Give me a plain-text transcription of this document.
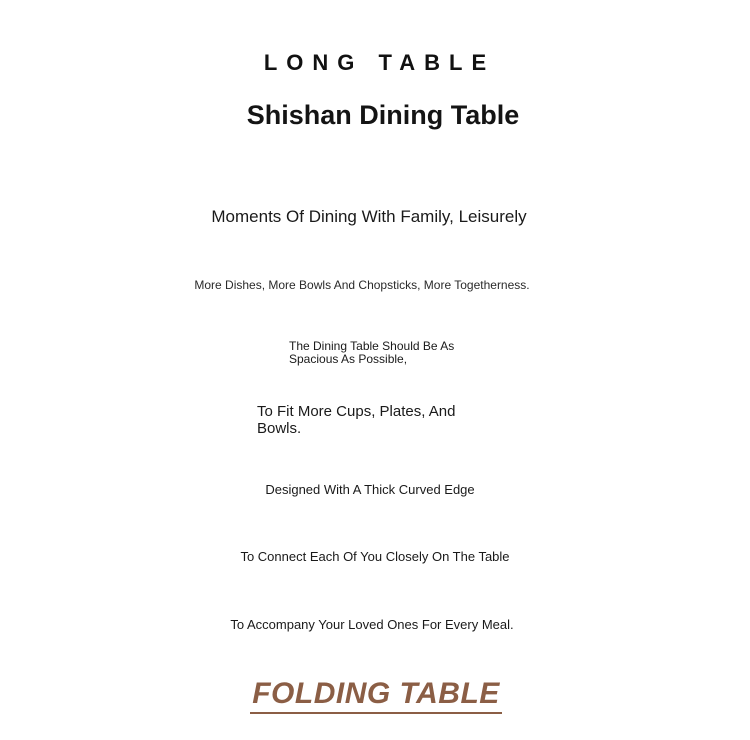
LONG TABLE
Shishan Dining Table

Moments Of Dining With Family, Leisurely

More Dishes, More Bowls And Chopsticks, More Togetherness.

The Dining Table Should Be As Spacious As Possible,

To Fit More Cups, Plates, And Bowls.

Designed With A Thick Curved Edge

To Connect Each Of You Closely On The Table

To Accompany Your Loved Ones For Every Meal.

FOLDING TABLE
